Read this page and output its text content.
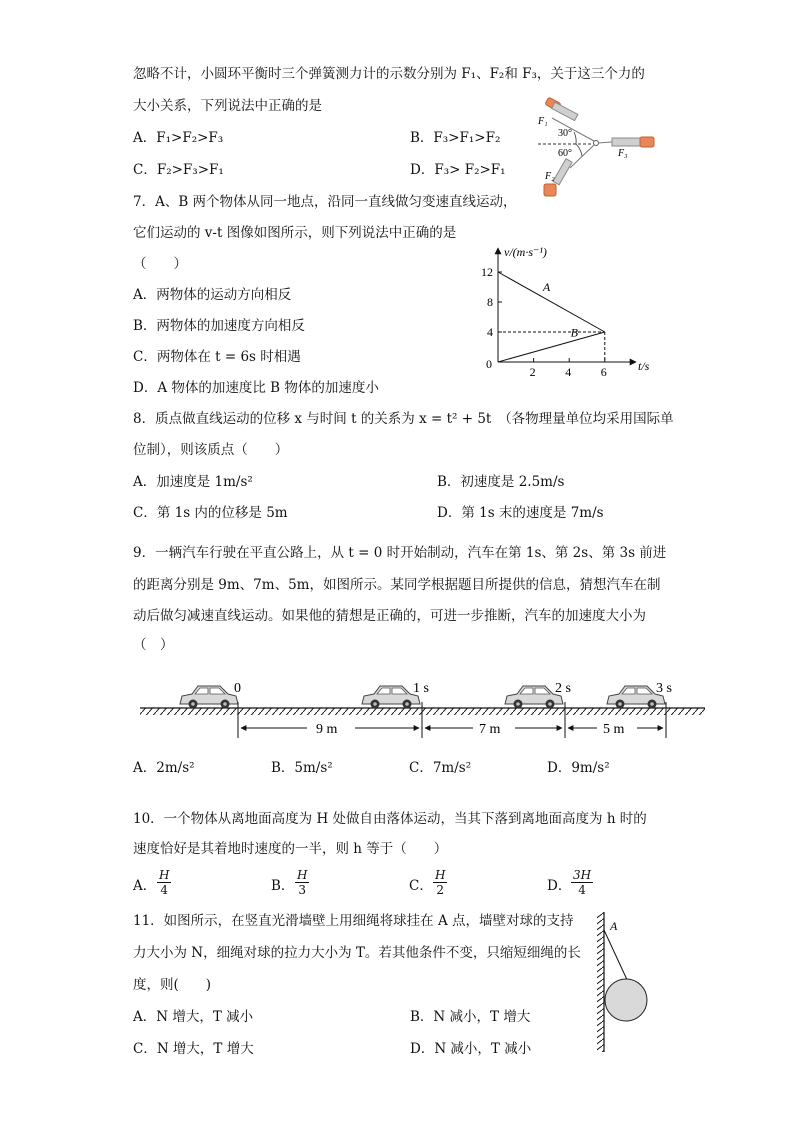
忽略不计，小圆环平衡时三个弹簧测力计的示数分别为 F₁、F₂和 F₃，关于这三个力的
大小关系，下列说法中正确的是
A．F₁>F₂>F₃	B．F₃>F₁>F₂
C．F₂>F₃>F₁	D．F₃> F₂>F₁
F₁
30°
60°
F₂
F₃
7．A、B 两个物体从同一地点，沿同一直线做匀变速直线运动，
它们运动的 v-t 图像如图所示，则下列说法中正确的是
（　　）
A．两物体的运动方向相反
B．两物体的加速度方向相反
C．两物体在 t = 6s 时相遇
D．A 物体的加速度比 B 物体的加速度小
2 4 6
4
8
12
A
B
v/(m·s⁻¹)
t/s
0
8．质点做直线运动的位移 x 与时间 t 的关系为 x = t² + 5t　（各物理量单位均采用国际单
位制），则该质点（　　）
A．加速度是 1m/s²	B．初速度是 2.5m/s
C．第 1s 内的位移是 5m	D．第 1s 末的速度是 7m/s
9．一辆汽车行驶在平直公路上，从 t = 0 时开始制动，汽车在第 1s、第 2s、第 3s 前进
的距离分别是 9m、7m、5m，如图所示。某同学根据题目所提供的信息，猜想汽车在制
动后做匀减速直线运动。如果他的猜想是正确的，可进一步推断，汽车的加速度大小为
（　）
0	1 s	2 s	3 s
9 m	7 m	5 m
A．2m/s²	B．5m/s²	C．7m/s²	D．9m/s²
10．一个物体从离地面高度为 H 处做自由落体运动，当其下落到离地面高度为 h 时的
速度恰好是其着地时速度的一半，则 h 等于（　　）
A． $\frac{H}{4}$	B． $\frac{H}{3}$	C． $\frac{H}{2}$	D． $\frac{3H}{4}$
11．如图所示，在竖直光滑墙壁上用细绳将球挂在 A 点，墙壁对球的支持
力大小为 N，细绳对球的拉力大小为 T。若其他条件不变，只缩短细绳的长
度，则(　　)
A．N 增大，T 减小	B．N 减小，T 增大
C．N 增大，T 增大	D．N 减小，T 减小
A
